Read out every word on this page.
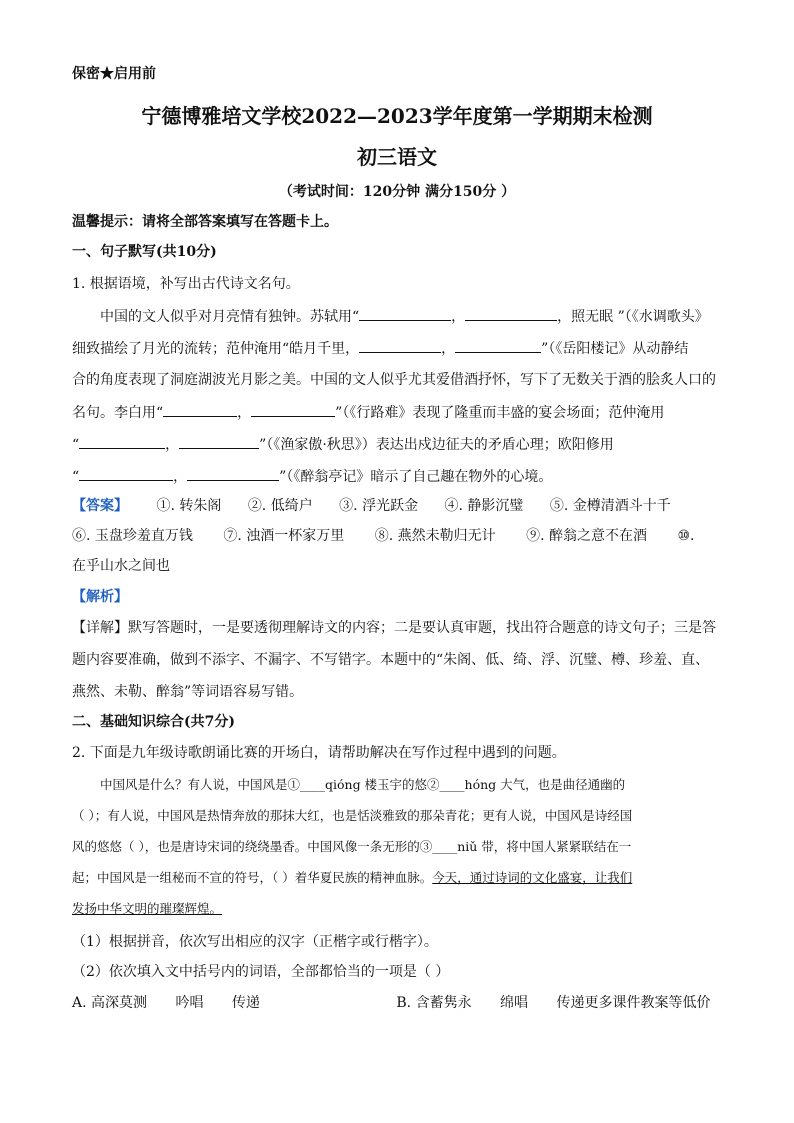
保密★启用前
宁德博雅培文学校2022—2023学年度第一学期期末检测
初三语文
（考试时间：120分钟 满分150分 ）
温馨提示：请将全部答案填写在答题卡上。
一、句子默写(共10分)
1. 根据语境，补写出古代诗文名句。
中国的文人似乎对月亮情有独钟。苏轼用“	，	，照无眠 ”（《水调歌头》
细致描绘了月光的流转；范仲淹用“皓月千里，	，	”（《岳阳楼记》从动静结
合的角度表现了洞庭湖波光月影之美。中国的文人似乎尤其爱借酒抒怀，写下了无数关于酒的脍炙人口的
名句。李白用“	，	”（《行路难》表现了隆重而丰盛的宴会场面；范仲淹用
“	，	”（《渔家傲·秋思》）表达出戍边征夫的矛盾心理；欧阳修用
“	，	”（《醉翁亭记》暗示了自己趣在物外的心境。
【答案】 ①. 转朱阁 ②. 低绮户 ③. 浮光跃金 ④. 静影沉璧 ⑤. 金樽清酒斗十千
⑥. 玉盘珍羞直万钱 ⑦. 浊酒一杯家万里 ⑧. 燕然未勒归无计 ⑨. 醉翁之意不在酒 ⑩.
在乎山水之间也
【解析】
【详解】默写答题时，一是要透彻理解诗文的内容；二是要认真审题，找出符合题意的诗文句子；三是答
题内容要准确，做到不添字、不漏字、不写错字。本题中的“朱阁、低、绮、浮、沉璧、樽、珍羞、直、
燕然、未勒、醉翁”等词语容易写错。
二、基础知识综合(共7分)
2. 下面是九年级诗歌朗诵比赛的开场白，请帮助解决在写作过程中遇到的问题。
中国风是什么？有人说，中国风是①____qióng 楼玉宇的悠②____hóng 大气，也是曲径通幽的
（ ）；有人说，中国风是热情奔放的那抹大红，也是恬淡雅致的那朵青花；更有人说，中国风是诗经国
风的悠悠（ ），也是唐诗宋词的绕绕墨香。中国风像一条无形的③____niǔ 带，将中国人紧紧联结在一
起；中国风是一组秘而不宣的符号，（ ）着华夏民族的精神血脉。今天，通过诗词的文化盛宴，让我们
发扬中华文明的璀璨辉煌。
（1）根据拼音，依次写出相应的汉字（正楷字或行楷字）。
（2）依次填入文中括号内的词语，全部都恰当的一项是（ ）
A. 高深莫测 吟唱 传递	B. 含蓄隽永 绵唱 传递更多课件教案等低价
